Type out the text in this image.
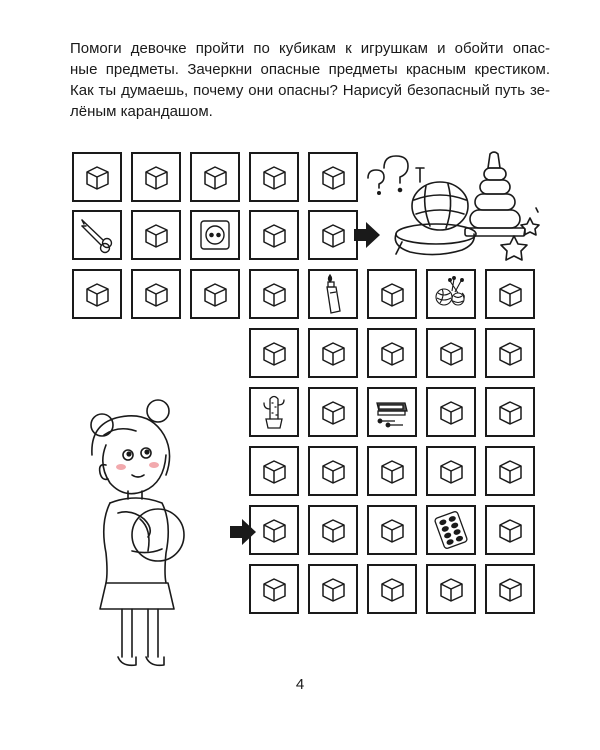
Помоги девочке пройти по кубикам к игрушкам и обойти опас-
ные предметы. Зачеркни опасные предметы красным крестиком.
Как ты думаешь, почему они опасны? Нарисуй безопасный путь зе-
лёным карандашом.

4
